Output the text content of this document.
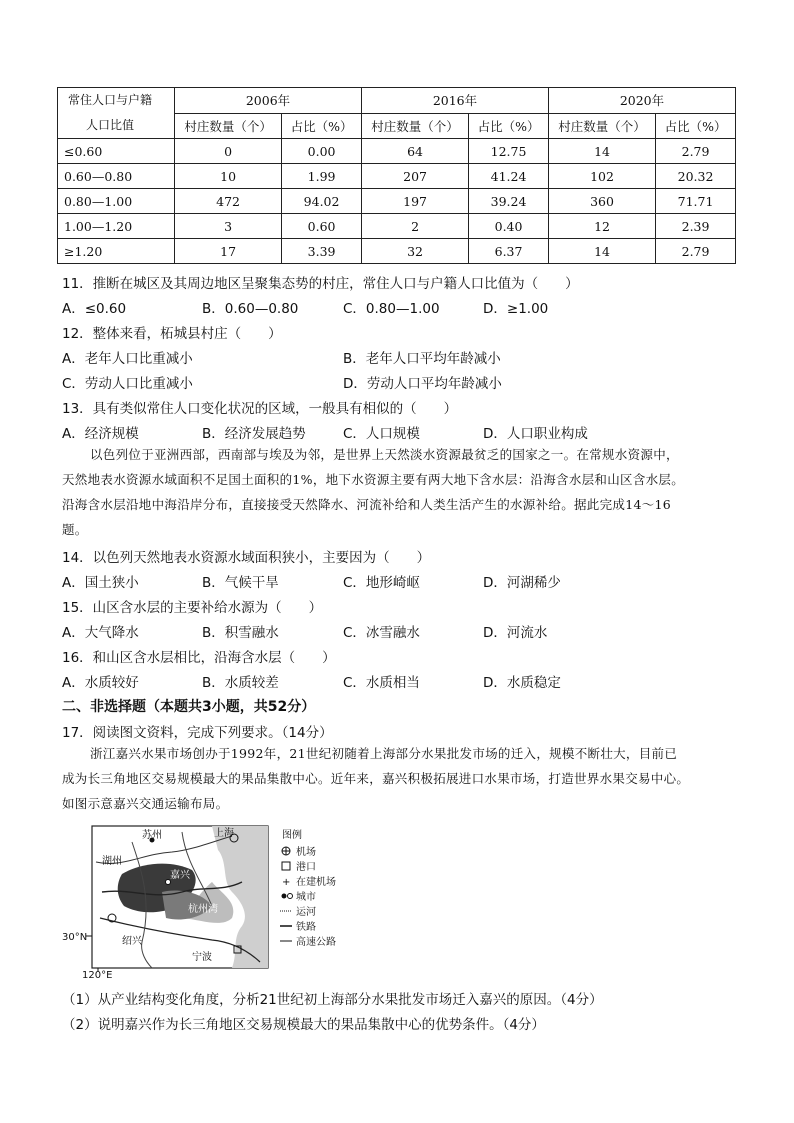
常住人口与户籍
人口比值	2006年		2016年		2020年	
	村庄数量（个）	占比（%）	村庄数量（个）	占比（%）	村庄数量（个）	占比（%）
≤0.60	0	0.00	64	12.75	14	2.79
0.60—0.80	10	1.99	207	41.24	102	20.32
0.80—1.00	472	94.02	197	39.24	360	71.71
1.00—1.20	3	0.60	2	0.40	12	2.39
≥1.20	17	3.39	32	6.37	14	2.79
11．推断在城区及其周边地区呈聚集态势的村庄，常住人口与户籍人口比值为（　　）
A．≤0.60	B．0.60—0.80	C．0.80—1.00	D．≥1.00
12．整体来看，柘城县村庄（　　）
A．老年人口比重减小	B．老年人口平均年龄减小
C．劳动人口比重减小	D．劳动人口平均年龄减小
13．具有类似常住人口变化状况的区域，一般具有相似的（　　）
A．经济规模	B．经济发展趋势	C．人口规模	D．人口职业构成
以色列位于亚洲西部，西南部与埃及为邻，是世界上天然淡水资源最贫乏的国家之一。在常规水资源中，
天然地表水资源水域面积不足国土面积的1%，地下水资源主要有两大地下含水层：沿海含水层和山区含水层。
沿海含水层沿地中海沿岸分布，直接接受天然降水、河流补给和人类生活产生的水源补给。据此完成14～16
题。
14．以色列天然地表水资源水域面积狭小，主要因为（　　）
A．国土狭小	B．气候干旱	C．地形崎岖	D．河湖稀少
15．山区含水层的主要补给水源为（　　）
A．大气降水	B．积雪融水	C．冰雪融水	D．河流水
16．和山区含水层相比，沿海含水层（　　）
A．水质较好	B．水质较差	C．水质相当	D．水质稳定
二、非选择题（本题共3小题，共52分）
17．阅读图文资料，完成下列要求。（14分）
浙江嘉兴水果市场创办于1992年，21世纪初随着上海部分水果批发市场的迁入，规模不断壮大，目前已
成为长三角地区交易规模最大的果品集散中心。近年来，嘉兴积极拓展进口水果市场，打造世界水果交易中心。
如图示意嘉兴交通运输布局。
苏州	上海
湖州
嘉兴
杭州
杭州湾
绍兴
宁波
30°N
120°E
图例
机场
港口
+ 在建机场
城市
运河
铁路
高速公路
（1）从产业结构变化角度，分析21世纪初上海部分水果批发市场迁入嘉兴的原因。（4分）
（2）说明嘉兴作为长三角地区交易规模最大的果品集散中心的优势条件。（4分）
